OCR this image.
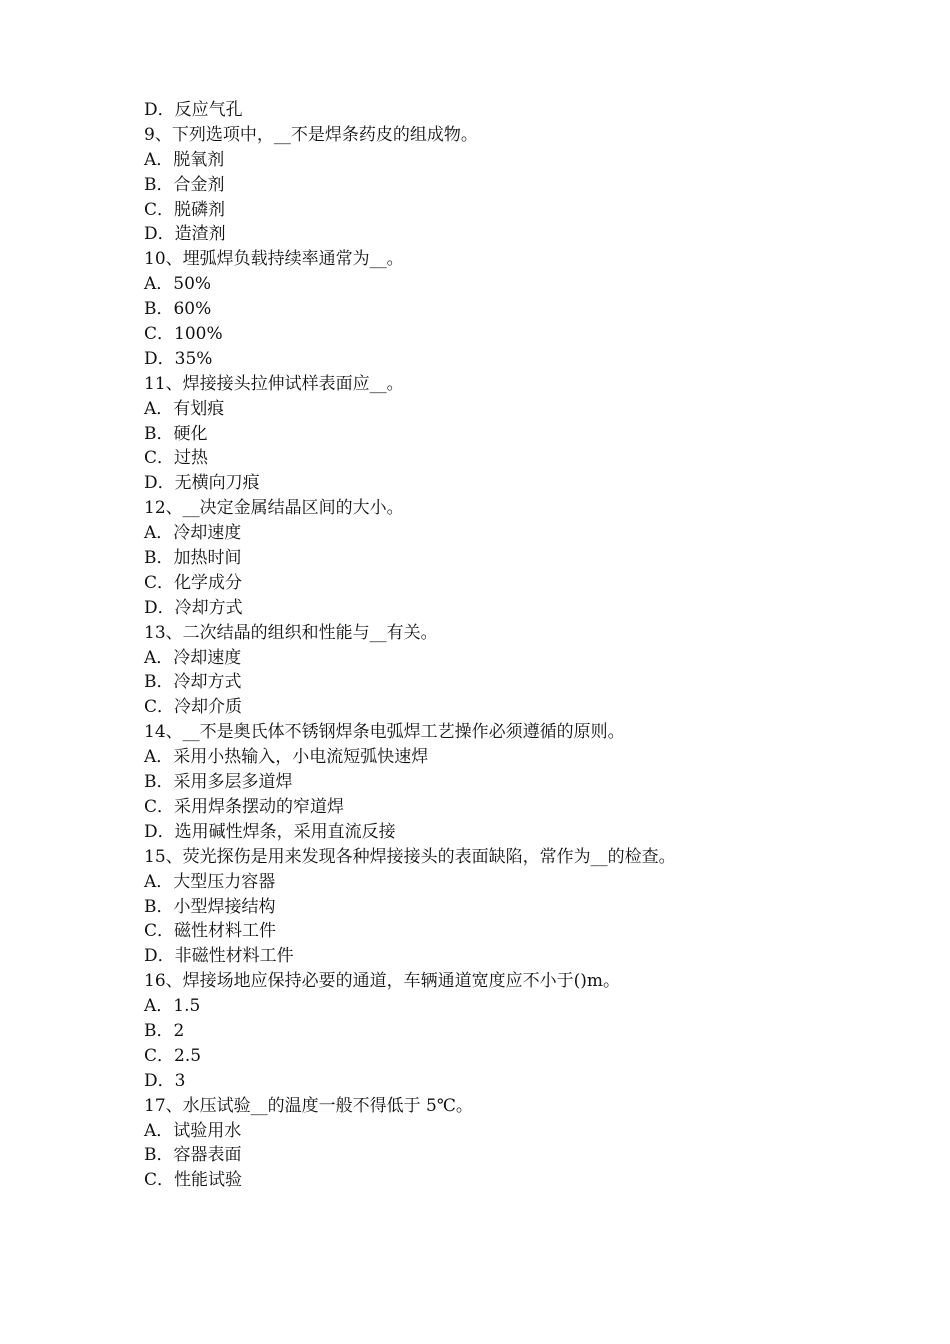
D．反应气孔
9、下列选项中，__不是焊条药皮的组成物。
A．脱氧剂
B．合金剂
C．脱磷剂
D．造渣剂
10、埋弧焊负载持续率通常为__。
A．50%
B．60%
C．100%
D．35%
11、焊接接头拉伸试样表面应__。
A．有划痕
B．硬化
C．过热
D．无横向刀痕
12、__决定金属结晶区间的大小。
A．冷却速度
B．加热时间
C．化学成分
D．冷却方式
13、二次结晶的组织和性能与__有关。
A．冷却速度
B．冷却方式
C．冷却介质
14、__不是奥氏体不锈钢焊条电弧焊工艺操作必须遵循的原则。
A．采用小热输入，小电流短弧快速焊
B．采用多层多道焊
C．采用焊条摆动的窄道焊
D．选用碱性焊条，采用直流反接
15、荧光探伤是用来发现各种焊接接头的表面缺陷，常作为__的检查。
A．大型压力容器
B．小型焊接结构
C．磁性材料工件
D．非磁性材料工件
16、焊接场地应保持必要的通道，车辆通道宽度应不小于()m。
A．1.5
B．2
C．2.5
D．3
17、水压试验__的温度一般不得低于 5℃。
A．试验用水
B．容器表面
C．性能试验
